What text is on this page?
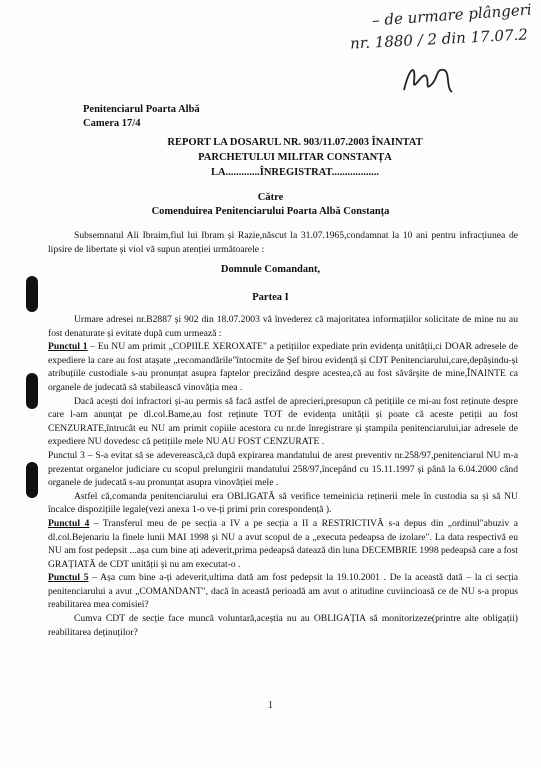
– de urmare plângeri
nr. 1880 / 2 din 17.07.2
Penitenciarul Poarta Albă
Camera 17/4
REPORT LA DOSARUL NR. 903/11.07.2003 ÎNAINTAT PARCHETULUI MILITAR CONSTANȚA LA.............ÎNREGISTRAT..................
Către
Comenduirea Penitenciarului Poarta Albă Constanța

Subsemnatul Ali Ibraim,fiul lui Ibram și Razie,născut la 31.07.1965,condamnat la 10 ani pentru infracțiunea de lipsire de libertate și viol vă supun atenției următoarele :

Domnule Comandant,
Partea I

Urmare adresei nr.B2887 și 902 din 18.07.2003 vă învederez că majoritatea informațiilor solicitate de mine nu au fost denaturate și evitate după cum urmează :

Punctul 1 – Eu NU am primit „COPIILE XEROXATE" a petițiilor expediate prin evidența unității,ci DOAR adresele de expediere la care au fost atașate „recomandările"întocmite de Șef birou evidență și CDT Penitenciarului,care,depășindu-și atribuțiile custodiale s-au pronunțat asupra faptelor precizând despre acestea,că au fost săvârșite de mine,ÎNAINTE ca organele de judecată să stabilească vinovăția mea .

Dacă acești doi infractori și-au permis să facă astfel de aprecieri,presupun că petițiile ce mi-au fost reținute despre care l-am anunțat pe dl.col.Bame,au fost reținute TOT de evidența unității și poate că aceste petiții au fost CENZURATE,întrucât eu NU am primit copiile acestora cu nr.de înregistrare și ștampila penitenciarului,iar adresele de expediere NU dovedesc că petițiile mele NU AU FOST CENZURATE .

Punctul 3 – S-a evitat să se adeverească,că după expirarea mandatului de arest preventiv nr.258/97,penitenciarul NU m-a prezentat organelor judiciare cu scopul prelungirii mandatului 258/97,începând cu 15.11.1997 și până la 6.04.2000 când organele de judecată s-au pronunțat asupra vinovăției mele .

Astfel că,comanda penitenciarului era OBLIGATĂ să verifice temeinicia reținerii mele în custodia sa și să NU încalce dispozițiile legale(vezi anexa 1-o ve-ți primi prin corespondență ).

Punctul 4 – Transferul meu de pe secția a IV a pe secția a II a RESTRICTIVĂ s-a depus din „ordinul"abuziv a dl.col.Bejenariu la finele lunii MAI 1998 și NU a avut scopul de a „executa pedeapsa de izolare". La data respectivă eu NU am fost pedepsit ...așa cum bine ați adeverit,prima pedeapsă datează din luna DECEMBRIE 1998 pedeapsă care a fost GRAȚIATĂ de CDT unității și nu am executat-o .

Punctul 5 – Așa cum bine a-ți adeverit,ultima dată am fost pedepsit la 19.10.2001 . De la această dată – la ci secția penitenciarului a avut „COMANDANT", dacă în această perioadă am avut o atitudine cuviincioasă ce de NU s-a propus reabilitarea mea comisiei?

Cumva CDT de secție face muncă voluntară,aceștia nu au OBLIGAȚIA să monitorizeze(printre alte obligații) reabilitarea deținuților?

1
